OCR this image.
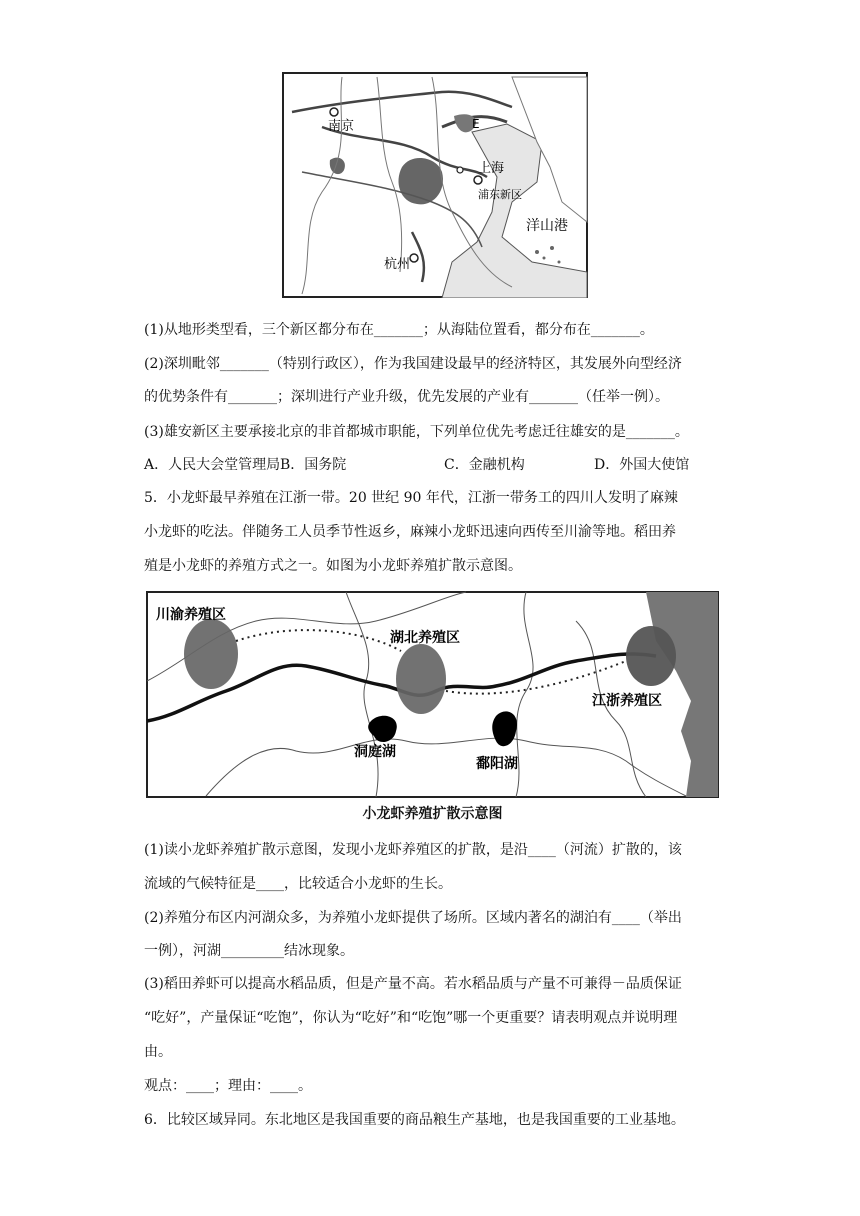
南京	E
上海
浦东新区
洋山港
杭州
(1)从地形类型看，三个新区都分布在_______；从海陆位置看，都分布在_______。
(2)深圳毗邻_______（特别行政区），作为我国建设最早的经济特区，其发展外向型经济
的优势条件有_______；深圳进行产业升级，优先发展的产业有_______（任举一例）。
(3)雄安新区主要承接北京的非首都城市职能，下列单位优先考虑迁往雄安的是_______。
A．人民大会堂管理局 B．国务院	C．金融机构	D．外国大使馆
5．小龙虾最早养殖在江浙一带。20 世纪 90 年代，江浙一带务工的四川人发明了麻辣
小龙虾的吃法。伴随务工人员季节性返乡，麻辣小龙虾迅速向西传至川渝等地。稻田养
殖是小龙虾的养殖方式之一。如图为小龙虾养殖扩散示意图。
川渝养殖区
湖北养殖区
江浙养殖区
洞庭湖
鄱阳湖
小龙虾养殖扩散示意图
(1)读小龙虾养殖扩散示意图，发现小龙虾养殖区的扩散，是沿____（河流）扩散的，该
流域的气候特征是____，比较适合小龙虾的生长。
(2)养殖分布区内河湖众多，为养殖小龙虾提供了场所。区域内著名的湖泊有____（举出
一例），河湖_________结冰现象。
(3)稻田养虾可以提高水稻品质，但是产量不高。若水稻品质与产量不可兼得－品质保证
“吃好”，产量保证“吃饱”，你认为“吃好”和“吃饱”哪一个更重要？请表明观点并说明理
由。
观点：____；理由：____。
6．比较区域异同。东北地区是我国重要的商品粮生产基地，也是我国重要的工业基地。
